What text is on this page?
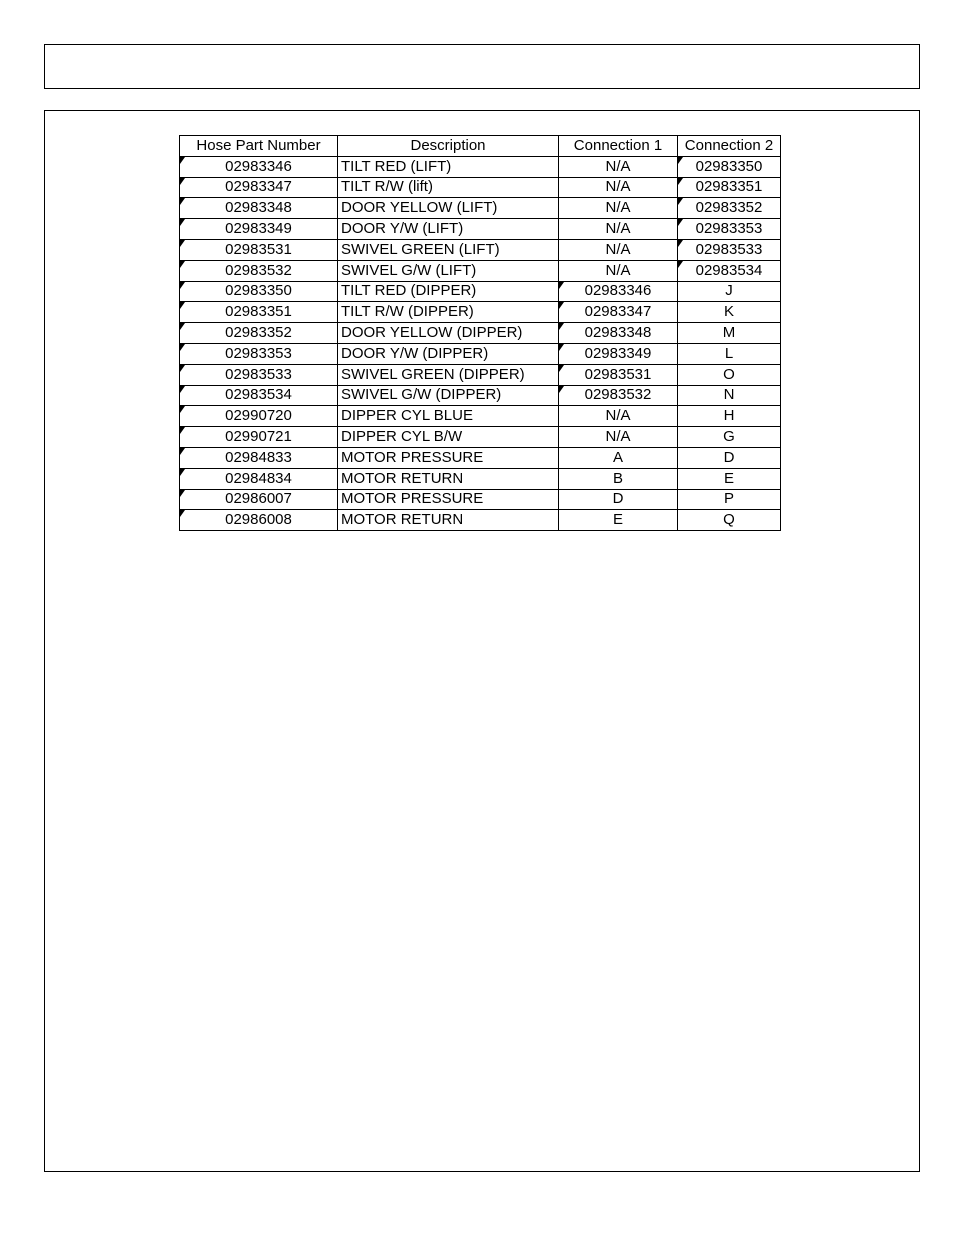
Hose Part Number	Description	Connection 1	Connection 2
02983346	TILT RED (LIFT)	N/A	02983350
02983347	TILT R/W (lift)	N/A	02983351
02983348	DOOR YELLOW (LIFT)	N/A	02983352
02983349	DOOR Y/W (LIFT)	N/A	02983353
02983531	SWIVEL GREEN (LIFT)	N/A	02983533
02983532	SWIVEL G/W (LIFT)	N/A	02983534
02983350	TILT RED (DIPPER)	02983346	J
02983351	TILT R/W (DIPPER)	02983347	K
02983352	DOOR YELLOW (DIPPER)	02983348	M
02983353	DOOR Y/W (DIPPER)	02983349	L
02983533	SWIVEL GREEN (DIPPER)	02983531	O
02983534	SWIVEL G/W (DIPPER)	02983532	N
02990720	DIPPER CYL BLUE	N/A	H
02990721	DIPPER CYL B/W	N/A	G
02984833	MOTOR PRESSURE	A	D
02984834	MOTOR RETURN	B	E
02986007	MOTOR PRESSURE	D	P
02986008	MOTOR RETURN	E	Q
